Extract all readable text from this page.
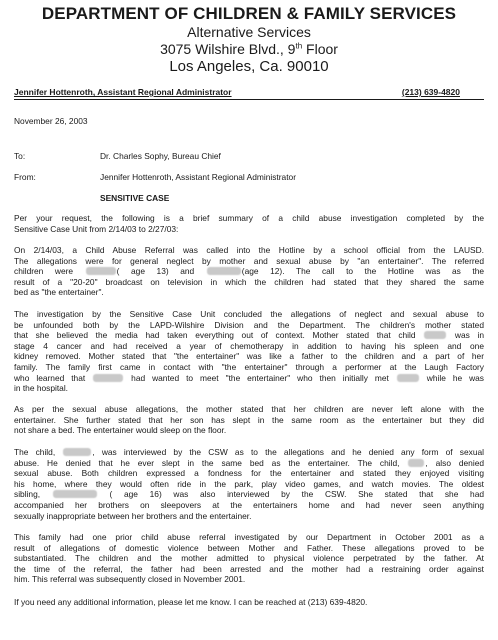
DEPARTMENT OF CHILDREN & FAMILY SERVICES
Alternative Services
3075 Wilshire Blvd., 9th Floor
Los Angeles, Ca. 90010
Jennifer Hottenroth, Assistant Regional Administrator	(213) 639-4820
November 26, 2003
To:	Dr. Charles Sophy, Bureau Chief
From:	Jennifer Hottenroth, Assistant Regional Administrator
SENSITIVE CASE
Per your request, the following is a brief summary of a child abuse investigation completed by the
Sensitive Case Unit from 2/14/03 to 2/27/03:
On 2/14/03, a Child Abuse Referral was called into the Hotline by a school official from the LAUSD.
The allegations were for general neglect by mother and sexual abuse by "an entertainer". The referred
children were	( age 13) and	(age 12). The call to the Hotline was as the
result of a "20-20" broadcast on television in which the children had stated that they shared the same
bed as "the entertainer".
The investigation by the Sensitive Case Unit concluded the allegations of neglect and sexual abuse to
be unfounded both by the LAPD-Wilshire Division and the Department. The children's mother stated
that she believed the media had taken everything out of context. Mother stated that child	was in
stage 4 cancer and had received a year of chemotherapy in addition to having his spleen and one
kidney removed. Mother stated that "the entertainer" was like a father to the children and a part of her
family. The family first came in contact with "the entertainer" through a performer at the Laugh Factory
who learned that	had wanted to meet "the entertainer" who then initially met	while he was
in the hospital.
As per the sexual abuse allegations, the mother stated that her children are never left alone with the
entertainer. She further stated that her son has slept in the same room as the entertainer but they did
not share a bed. The entertainer would sleep on the floor.
The child,	, was interviewed by the CSW as to the allegations and he denied any form of sexual
abuse. He denied that he ever slept in the same bed as the entertainer. The child,	, also denied
sexual abuse. Both children expressed a fondness for the entertainer and stated they enjoyed visiting
his home, where they would often ride in the park, play video games, and watch movies. The oldest
sibling,	( age 16) was also interviewed by the CSW. She stated that she had
accompanied her brothers on sleepovers at the entertainers home and had never seen anything
sexually inappropriate between her brothers and the entertainer.
This family had one prior child abuse referral investigated by our Department in October 2001 as a
result of allegations of domestic violence between Mother and Father. These allegations proved to be
substantiated. The children and the mother admitted to physical violence perpetrated by the father. At
the time of the referral, the father had been arrested and the mother had a restraining order against
him. This referral was subsequently closed in November 2001.
If you need any additional information, please let me know. I can be reached at (213) 639-4820.
